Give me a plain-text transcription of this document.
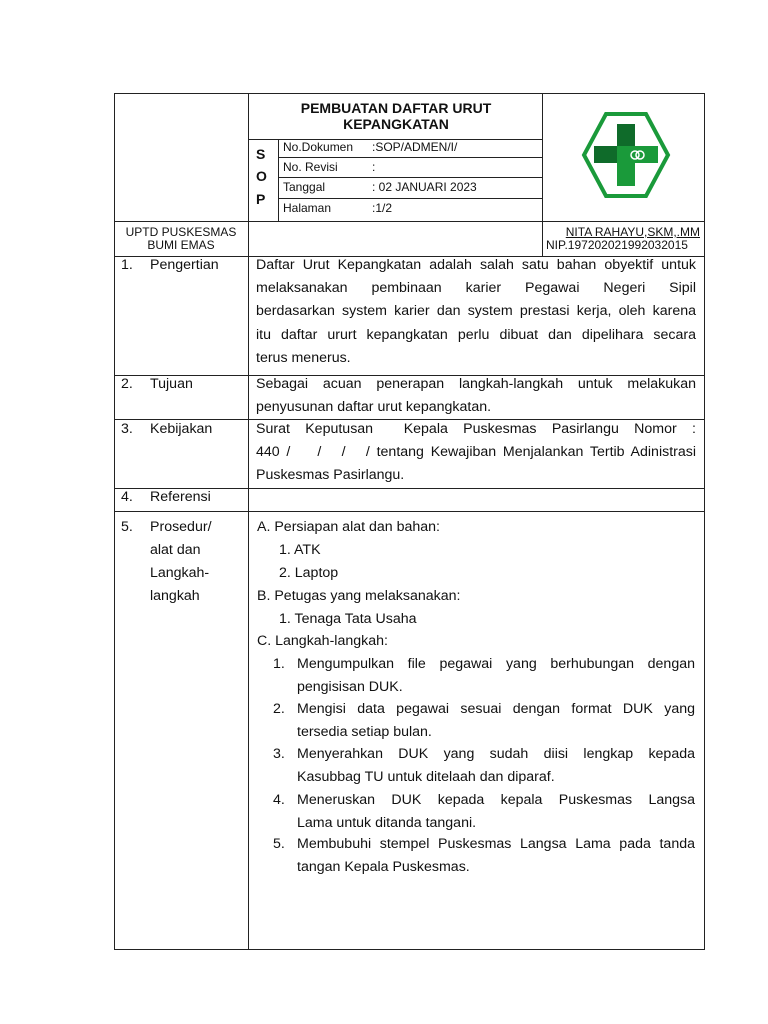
PEMBUATAN DAFTAR URUT
KEPANGKATAN
S
O
P
No.Dokumen :SOP/ADMEN/I/
No. Revisi	:
Tanggal	: 02 JANUARI 2023
Halaman	:1/2
UPTD PUSKESMAS
BUMI EMAS
NITA RAHAYU,SKM,.MM
NIP.197202021992032015
1. Pengertian	Daftar Urut Kepangkatan adalah salah satu bahan obyektif untuk
melaksanakan pembinaan karier Pegawai Negeri Sipil
berdasarkan system karier dan system prestasi kerja, oleh karena
itu daftar ururt kepangkatan perlu dibuat dan dipelihara secara
terus menerus.
2. Tujuan	Sebagai acuan penerapan langkah-langkah untuk melakukan
penyusunan daftar urut kepangkatan.
3. Kebijakan	Surat Keputusan  Kepala Puskesmas Pasirlangu Nomor :
440 /    /   /   / tentang Kewajiban Menjalankan Tertib Adinistrasi
Puskesmas Pasirlangu.
4. Referensi
5. Prosedur/
alat dan
Langkah-
langkah
A. Persiapan alat dan bahan:
1. ATK
2. Laptop
B. Petugas yang melaksanakan:
1. Tenaga Tata Usaha
C. Langkah-langkah:
1. Mengumpulkan file pegawai yang berhubungan dengan
pengisisan DUK.
2. Mengisi data pegawai sesuai dengan format DUK yang
tersedia setiap bulan.
3. Menyerahkan DUK yang sudah diisi lengkap kepada
Kasubbag TU untuk ditelaah dan diparaf.
4. Meneruskan DUK kepada kepala Puskesmas Langsa
Lama untuk ditanda tangani.
5. Membubuhi stempel Puskesmas Langsa Lama pada tanda
tangan Kepala Puskesmas.
